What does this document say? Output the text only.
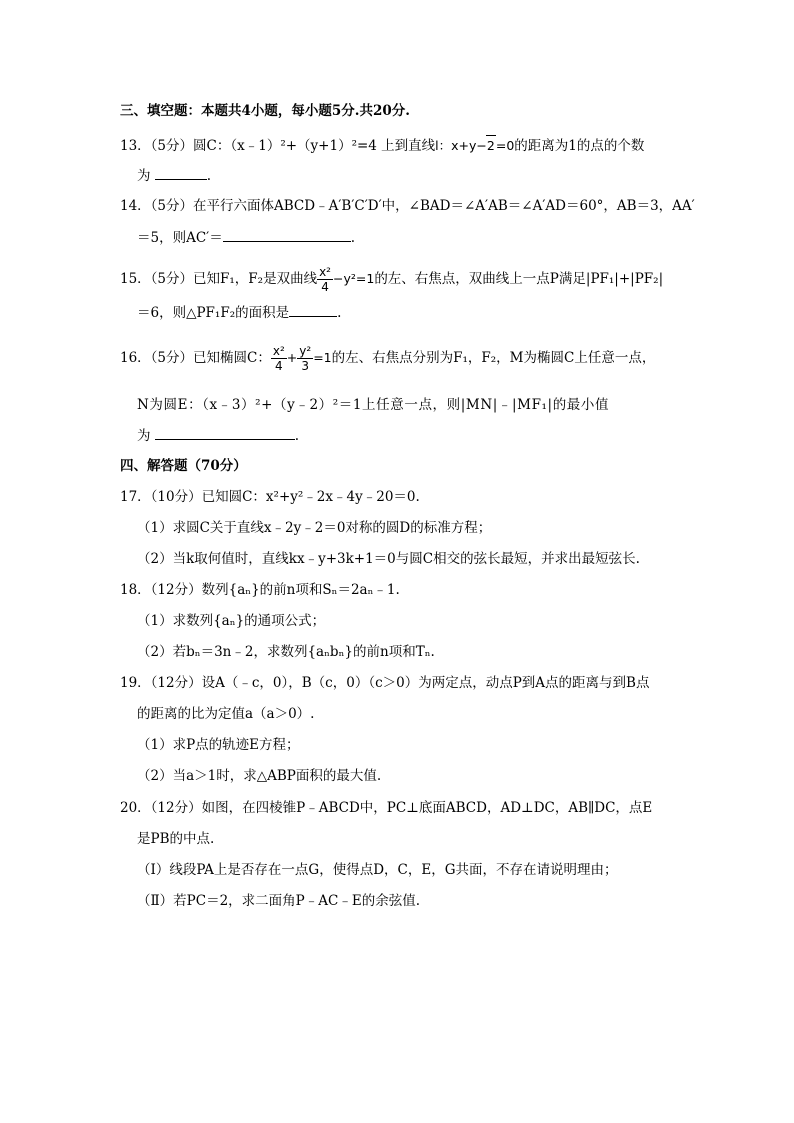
三、填空题：本题共4小题，每小题5分.共20分.
13．（5分）圆C：（x﹣1）²+（y+1）²=4 上到直线l：x+y−2=0的距离为1的点的个数
为	.
14．（5分）在平行六面体ABCD﹣A′B′C′D′中，∠BAD＝∠A′AB＝∠A′AD＝60°，AB＝3，AA′
＝5，则AC′＝	.
15．（5分）已知F₁，F₂是双曲线 $\frac{\text{x²}}{4} -y^2=1$的左、右焦点，双曲线上一点P满足|PF₁|+|PF₂|
＝6，则△PF₁F₂的面积是	.
16．（5分）已知椭圆C： $\frac{\text{x²}}{4} + \frac{\text{y²}}{3} =1$的左、右焦点分别为F₁，F₂，M为椭圆C上任意一点，
N为圆E：（x﹣3）²+（y﹣2）²＝1上任意一点，则|MN|﹣|MF₁|的最小值
为	.
四、解答题（70分）
17．（10分）已知圆C：x²+y²﹣2x﹣4y﹣20＝0.
（1）求圆C关于直线x﹣2y﹣2＝0对称的圆D的标准方程；
（2）当k取何值时，直线kx﹣y+3k+1＝0与圆C相交的弦长最短，并求出最短弦长.
18．（12分）数列{aₙ}的前n项和Sₙ＝2aₙ﹣1.
（1）求数列{aₙ}的通项公式；
（2）若bₙ＝3n﹣2，求数列{aₙbₙ}的前n项和Tₙ.
19．（12分）设A（﹣c，0），B（c，0）（c＞0）为两定点，动点P到A点的距离与到B点
的距离的比为定值a（a＞0）.
（1）求P点的轨迹E方程；
（2）当a＞1时，求△ABP面积的最大值.
20．（12分）如图，在四棱锥P﹣ABCD中，PC⊥底面ABCD，AD⊥DC，AB∥DC，点E
是PB的中点.
（Ⅰ）线段PA上是否存在一点G，使得点D，C，E，G共面，不存在请说明理由；
（Ⅱ）若PC＝2，求二面角P﹣AC﹣E的余弦值.
